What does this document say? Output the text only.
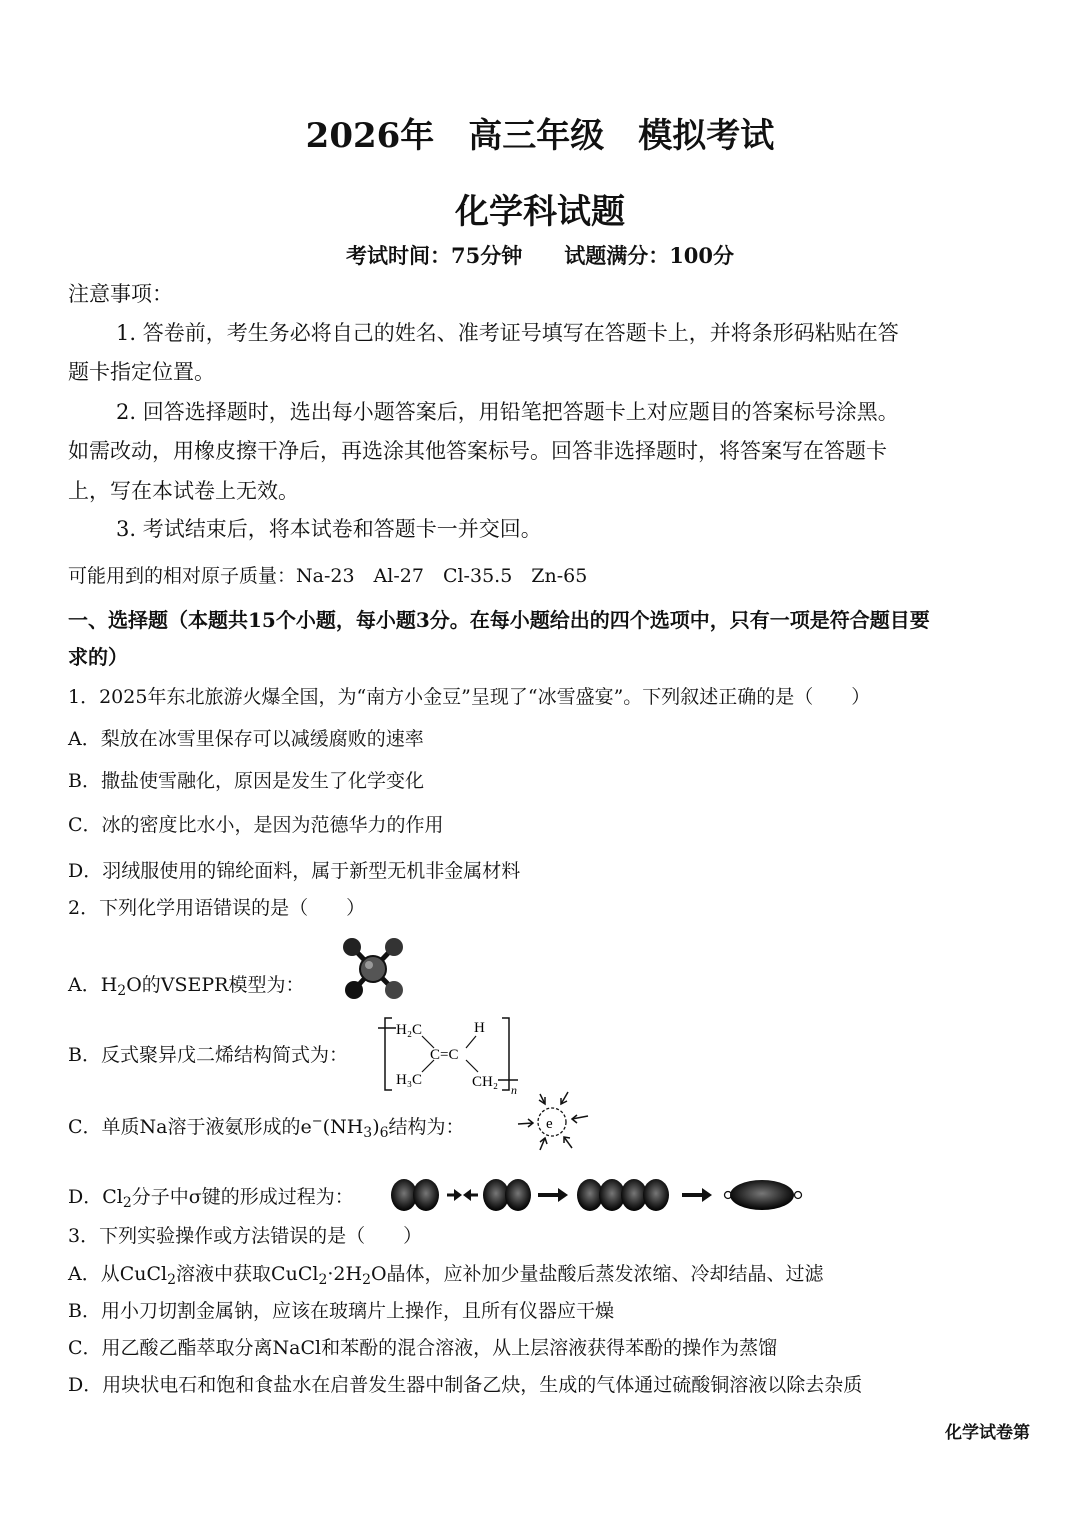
2026年　高三年级　模拟考试
化学科试题
考试时间：75分钟　　试题满分：100分
注意事项：
1. 答卷前，考生务必将自己的姓名、准考证号填写在答题卡上，并将条形码粘贴在答
题卡指定位置。
2. 回答选择题时，选出每小题答案后，用铅笔把答题卡上对应题目的答案标号涂黑。
如需改动，用橡皮擦干净后，再选涂其他答案标号。回答非选择题时，将答案写在答题卡
上，写在本试卷上无效。
3. 考试结束后，将本试卷和答题卡一并交回。
可能用到的相对原子质量：Na-23　Al-27　Cl-35.5　Zn-65
一、选择题（本题共15个小题，每小题3分。在每小题给出的四个选项中，只有一项是符合题目要
求的）
1．2025年东北旅游火爆全国，为“南方小金豆”呈现了“冰雪盛宴”。下列叙述正确的是（　　）
A．梨放在冰雪里保存可以减缓腐败的速率
B．撒盐使雪融化，原因是发生了化学变化
C．冰的密度比水小，是因为范德华力的作用
D．羽绒服使用的锦纶面料，属于新型无机非金属材料
2．下列化学用语错误的是（　　）
A．$H_2O$的VSEPR模型为：
B．反式聚异戊二烯结构简式为：
H₂C	H
C=C
H₃C	CH₂ n
C．单质Na溶于液氨形成的$e^-(NH_3)_6$结构为：	e
D．$Cl_2$分子中σ键的形成过程为：
3．下列实验操作或方法错误的是（　　）
A．从CuCl$_2$溶液中获取$CuCl_2\cdot 2H_2O$晶体，应补加少量盐酸后蒸发浓缩、冷却结晶、过滤
B．用小刀切割金属钠，应该在玻璃片上操作，且所有仪器应干燥
C．用乙酸乙酯萃取分离NaCl和苯酚的混合溶液，从上层溶液获得苯酚的操作为蒸馏
D．用块状电石和饱和食盐水在启普发生器中制备乙炔，生成的气体通过硫酸铜溶液以除去杂质
化学试卷第
